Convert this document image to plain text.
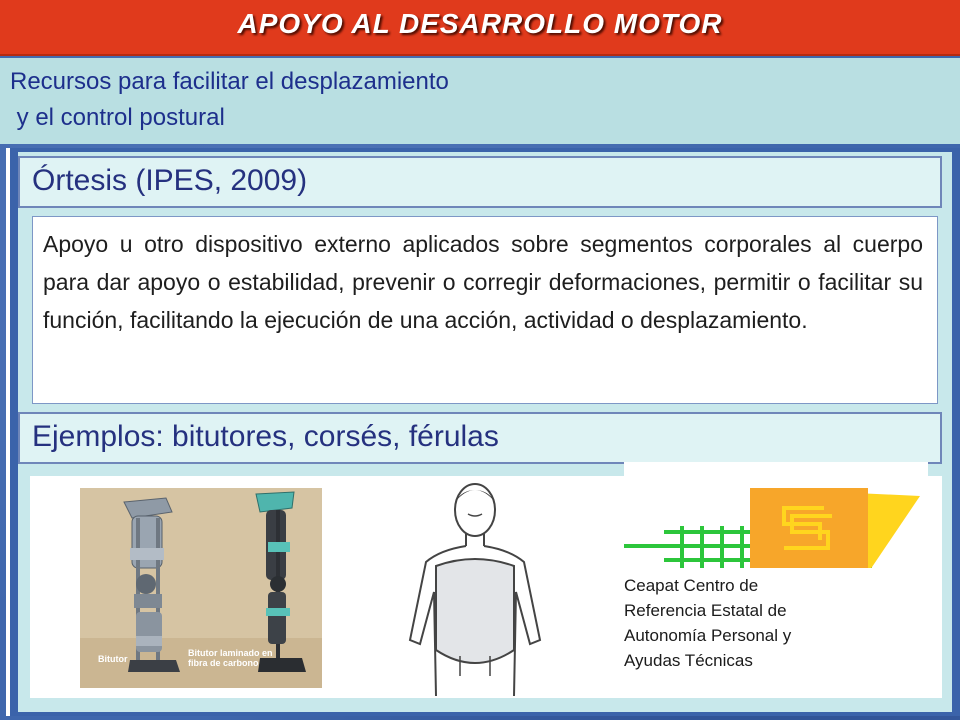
APOYO AL DESARROLLO MOTOR
Recursos para facilitar el desplazamiento
y el control postural
Órtesis (IPES, 2009)
Apoyo u otro dispositivo externo aplicados sobre segmentos corporales al cuerpo para dar apoyo o estabilidad, prevenir o corregir deformaciones, permitir o facilitar su función, facilitando la ejecución de una acción, actividad o desplazamiento.
Ejemplos: bitutores, corsés, férulas
Bitutor
Bitutor laminado en
fibra de carbono
Ceapat Centro de
Referencia Estatal de
Autonomía Personal y
Ayudas Técnicas
